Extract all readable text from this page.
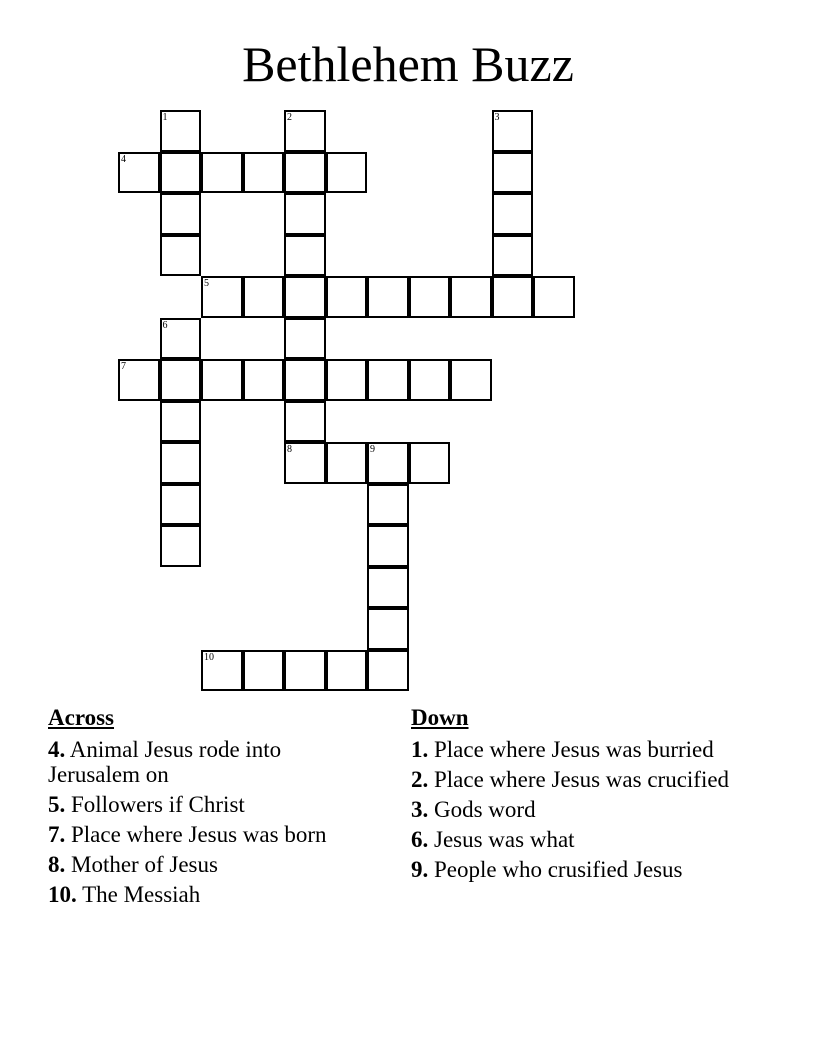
Bethlehem Buzz
1	2	3
4
5
6
7
8	9
10
Across
4. Animal Jesus rode into Jerusalem on
5. Followers if Christ
7. Place where Jesus was born
8. Mother of Jesus
10. The Messiah
Down
1. Place where Jesus was burried
2. Place where Jesus was crucified
3. Gods word
6. Jesus was what
9. People who crusified Jesus
